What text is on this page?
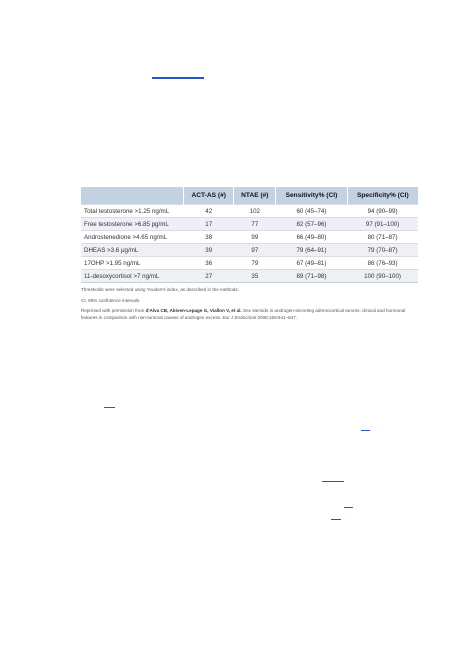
	ACT-AS (#)	NTAE (#)	Sensitivity% (CI)	Specificity% (CI)
Total testosterone >1.25 ng/mL	42	102	60 (45–74)	94 (90–99)
Free testosterone >6.85 pg/mL	17	77	82 (57–96)	97 (91–100)
Androstenedione >4.65 ng/mL	38	99	66 (49–80)	80 (71–87)
DHEAS >3.6 μg/mL	39	97	79 (64–91)	79 (70–87)
17OHP >1.95 ng/mL	36	79	67 (49–81)	86 (76–93)
11-desoxycortisol >7 ng/mL	27	35	89 (71–98)	100 (90–100)
Thresholds were selected using Youden's index, as described in the methods.
CI, 95% confidence intervals.
Reprinted with permission from d'Alva CB, Abiven-Lepage G, Viallon V, et al. Sex steroids in androgen-secreting adrenocortical tumors: clinical and hormonal features in comparison with non-tumoral causes of androgen excess. Eur J Endocrinol 2008;159:641–647.
